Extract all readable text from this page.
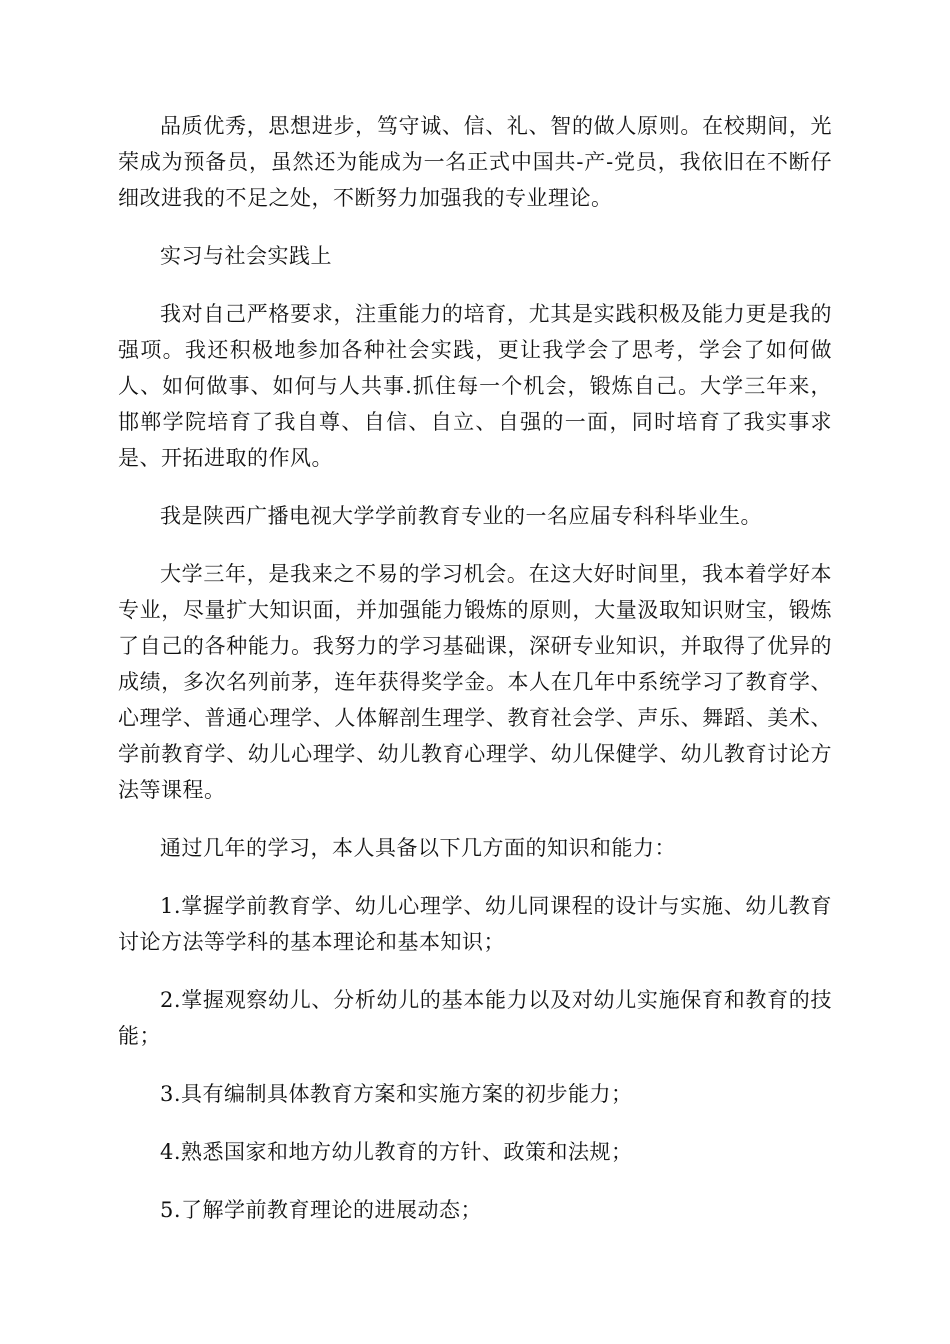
品质优秀，思想进步，笃守诚、信、礼、智的做人原则。在校期间，光荣成为预备员，虽然还为能成为一名正式中国共-产-党员，我依旧在不断仔细改进我的不足之处，不断努力加强我的专业理论。

实习与社会实践上

我对自己严格要求，注重能力的培育，尤其是实践积极及能力更是我的强项。我还积极地参加各种社会实践，更让我学会了思考，学会了如何做人、如何做事、如何与人共事.抓住每一个机会，锻炼自己。大学三年来，邯郸学院培育了我自尊、自信、自立、自强的一面，同时培育了我实事求是、开拓进取的作风。

我是陕西广播电视大学学前教育专业的一名应届专科科毕业生。

大学三年，是我来之不易的学习机会。在这大好时间里，我本着学好本专业，尽量扩大知识面，并加强能力锻炼的原则，大量汲取知识财宝，锻炼了自己的各种能力。我努力的学习基础课，深研专业知识，并取得了优异的成绩，多次名列前茅，连年获得奖学金。本人在几年中系统学习了教育学、心理学、普通心理学、人体解剖生理学、教育社会学、声乐、舞蹈、美术、学前教育学、幼儿心理学、幼儿教育心理学、幼儿保健学、幼儿教育讨论方法等课程。

通过几年的学习，本人具备以下几方面的知识和能力：

1.掌握学前教育学、幼儿心理学、幼儿同课程的设计与实施、幼儿教育讨论方法等学科的基本理论和基本知识；

2.掌握观察幼儿、分析幼儿的基本能力以及对幼儿实施保育和教育的技能；

3.具有编制具体教育方案和实施方案的初步能力；

4.熟悉国家和地方幼儿教育的方针、政策和法规；

5.了解学前教育理论的进展动态；
